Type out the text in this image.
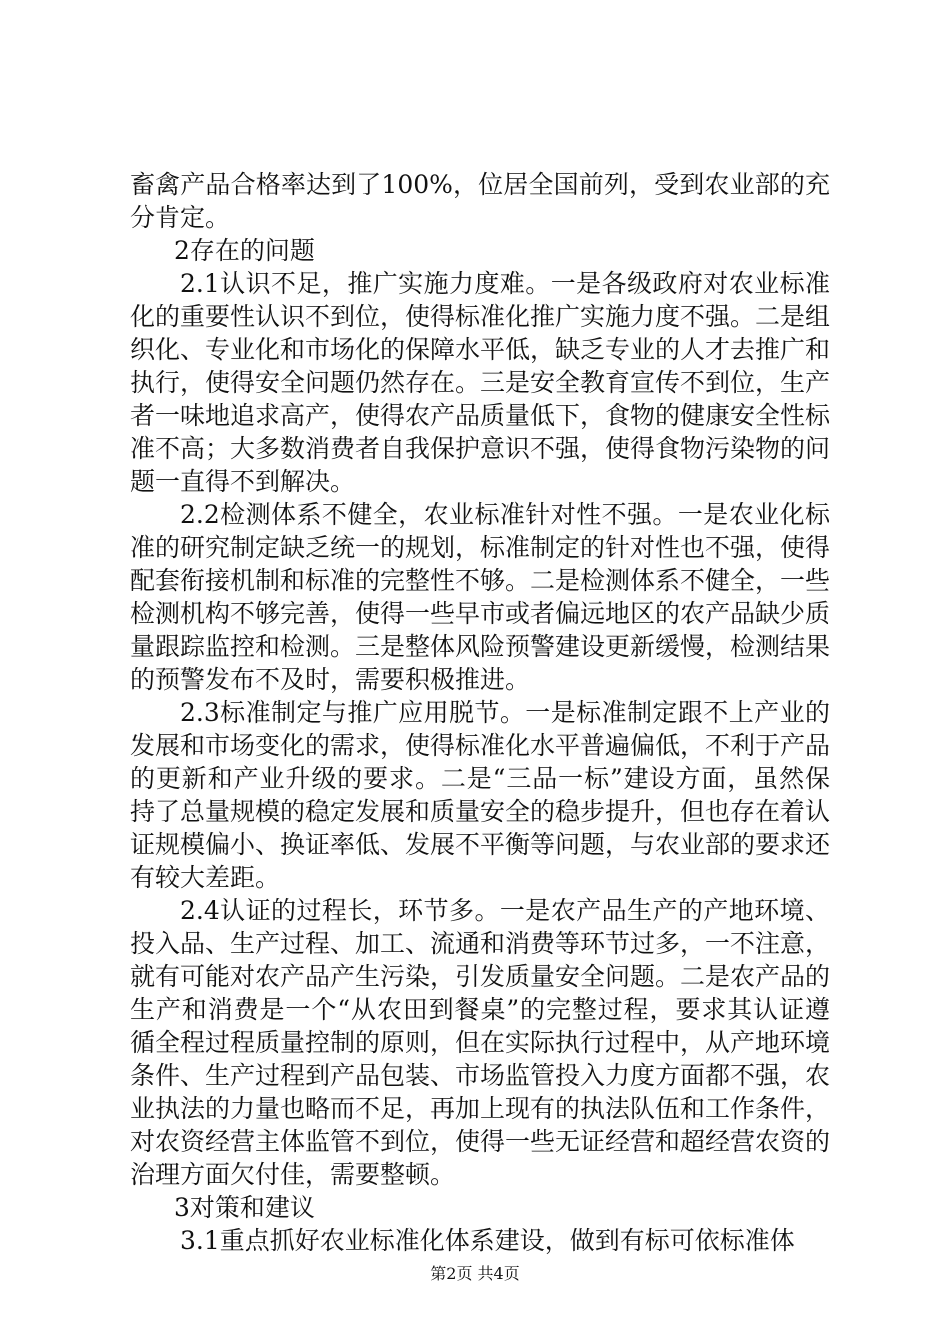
畜禽产品合格率达到了100%，位居全国前列，受到农业部的充分肯定。

2存在的问题

2.1认识不足，推广实施力度难。一是各级政府对农业标准化的重要性认识不到位，使得标准化推广实施力度不强。二是组织化、专业化和市场化的保障水平低，缺乏专业的人才去推广和执行，使得安全问题仍然存在。三是安全教育宣传不到位，生产者一味地追求高产，使得农产品质量低下，食物的健康安全性标准不高；大多数消费者自我保护意识不强，使得食物污染物的问题一直得不到解决。

2.2检测体系不健全，农业标准针对性不强。一是农业化标准的研究制定缺乏统一的规划，标准制定的针对性也不强，使得配套衔接机制和标准的完整性不够。二是检测体系不健全，一些检测机构不够完善，使得一些早市或者偏远地区的农产品缺少质量跟踪监控和检测。三是整体风险预警建设更新缓慢，检测结果的预警发布不及时，需要积极推进。

2.3标准制定与推广应用脱节。一是标准制定跟不上产业的发展和市场变化的需求，使得标准化水平普遍偏低，不利于产品的更新和产业升级的要求。二是“三品一标”建设方面，虽然保持了总量规模的稳定发展和质量安全的稳步提升，但也存在着认证规模偏小、换证率低、发展不平衡等问题，与农业部的要求还有较大差距。

2.4认证的过程长，环节多。一是农产品生产的产地环境、投入品、生产过程、加工、流通和消费等环节过多，一不注意，就有可能对农产品产生污染，引发质量安全问题。二是农产品的生产和消费是一个“从农田到餐桌”的完整过程，要求其认证遵循全程过程质量控制的原则，但在实际执行过程中，从产地环境条件、生产过程到产品包装、市场监管投入力度方面都不强，农业执法的力量也略而不足，再加上现有的执法队伍和工作条件，对农资经营主体监管不到位，使得一些无证经营和超经营农资的治理方面欠付佳，需要整顿。

3对策和建议

3.1重点抓好农业标准化体系建设，做到有标可依标准体

第2页 共4页
